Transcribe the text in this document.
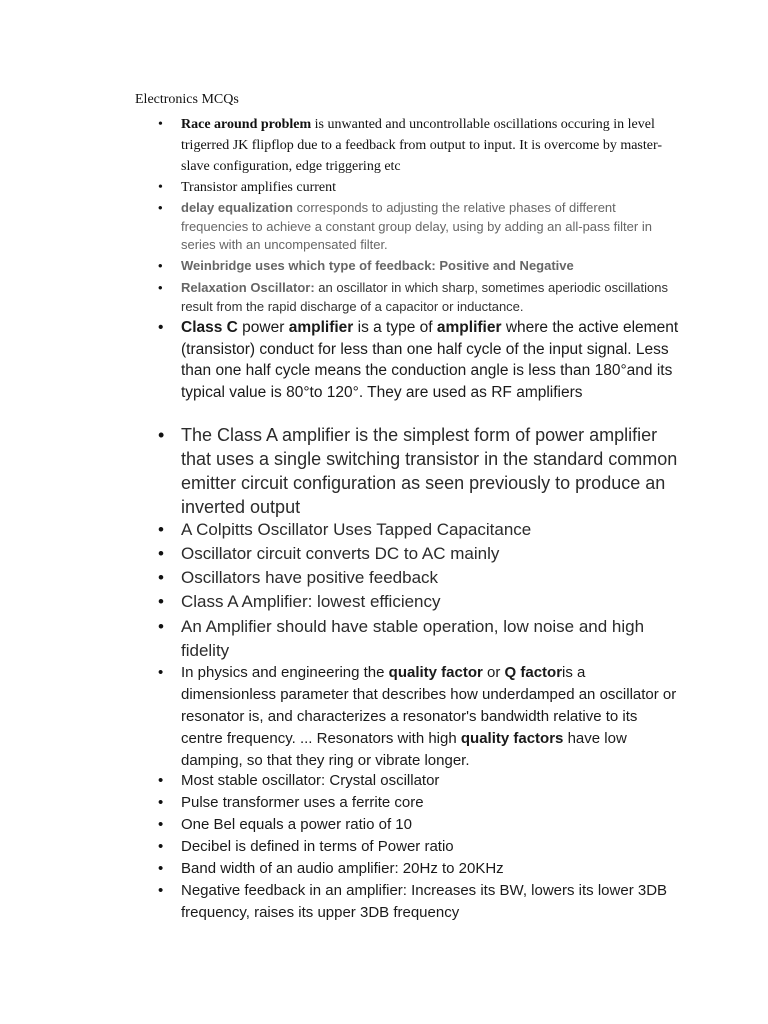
Electronics MCQs
• Race around problem is unwanted and uncontrollable oscillations occuring in level trigerred JK flipflop due to a feedback from output to input. It is overcome by master-slave configuration, edge triggering etc
• Transistor amplifies current
• delay equalization corresponds to adjusting the relative phases of different frequencies to achieve a constant group delay, using by adding an all-pass filter in series with an uncompensated filter.
• Weinbridge uses which type of feedback: Positive and Negative
• Relaxation Oscillator: an oscillator in which sharp, sometimes aperiodic oscillations result from the rapid discharge of a capacitor or inductance.
• Class C power amplifier is a type of amplifier where the active element (transistor) conduct for less than one half cycle of the input signal. Less than one half cycle means the conduction angle is less than 180°and its typical value is 80°to 120°. They are used as RF amplifiers
• The Class A amplifier is the simplest form of power amplifier that uses a single switching transistor in the standard common emitter circuit configuration as seen previously to produce an inverted output
• A Colpitts Oscillator Uses Tapped Capacitance
• Oscillator circuit converts DC to AC mainly
• Oscillators have positive feedback
• Class A Amplifier: lowest efficiency
• An Amplifier should have stable operation, low noise and high fidelity
• In physics and engineering the quality factor or Q factoris a dimensionless parameter that describes how underdamped an oscillator or resonator is, and characterizes a resonator's bandwidth relative to its centre frequency. ... Resonators with high quality factors have low damping, so that they ring or vibrate longer.
• Most stable oscillator: Crystal oscillator
• Pulse transformer uses a ferrite core
• One Bel equals a power ratio of 10
• Decibel is defined in terms of Power ratio
• Band width of an audio amplifier: 20Hz to 20KHz
• Negative feedback in an amplifier: Increases its BW, lowers its lower 3DB frequency, raises its upper 3DB frequency
